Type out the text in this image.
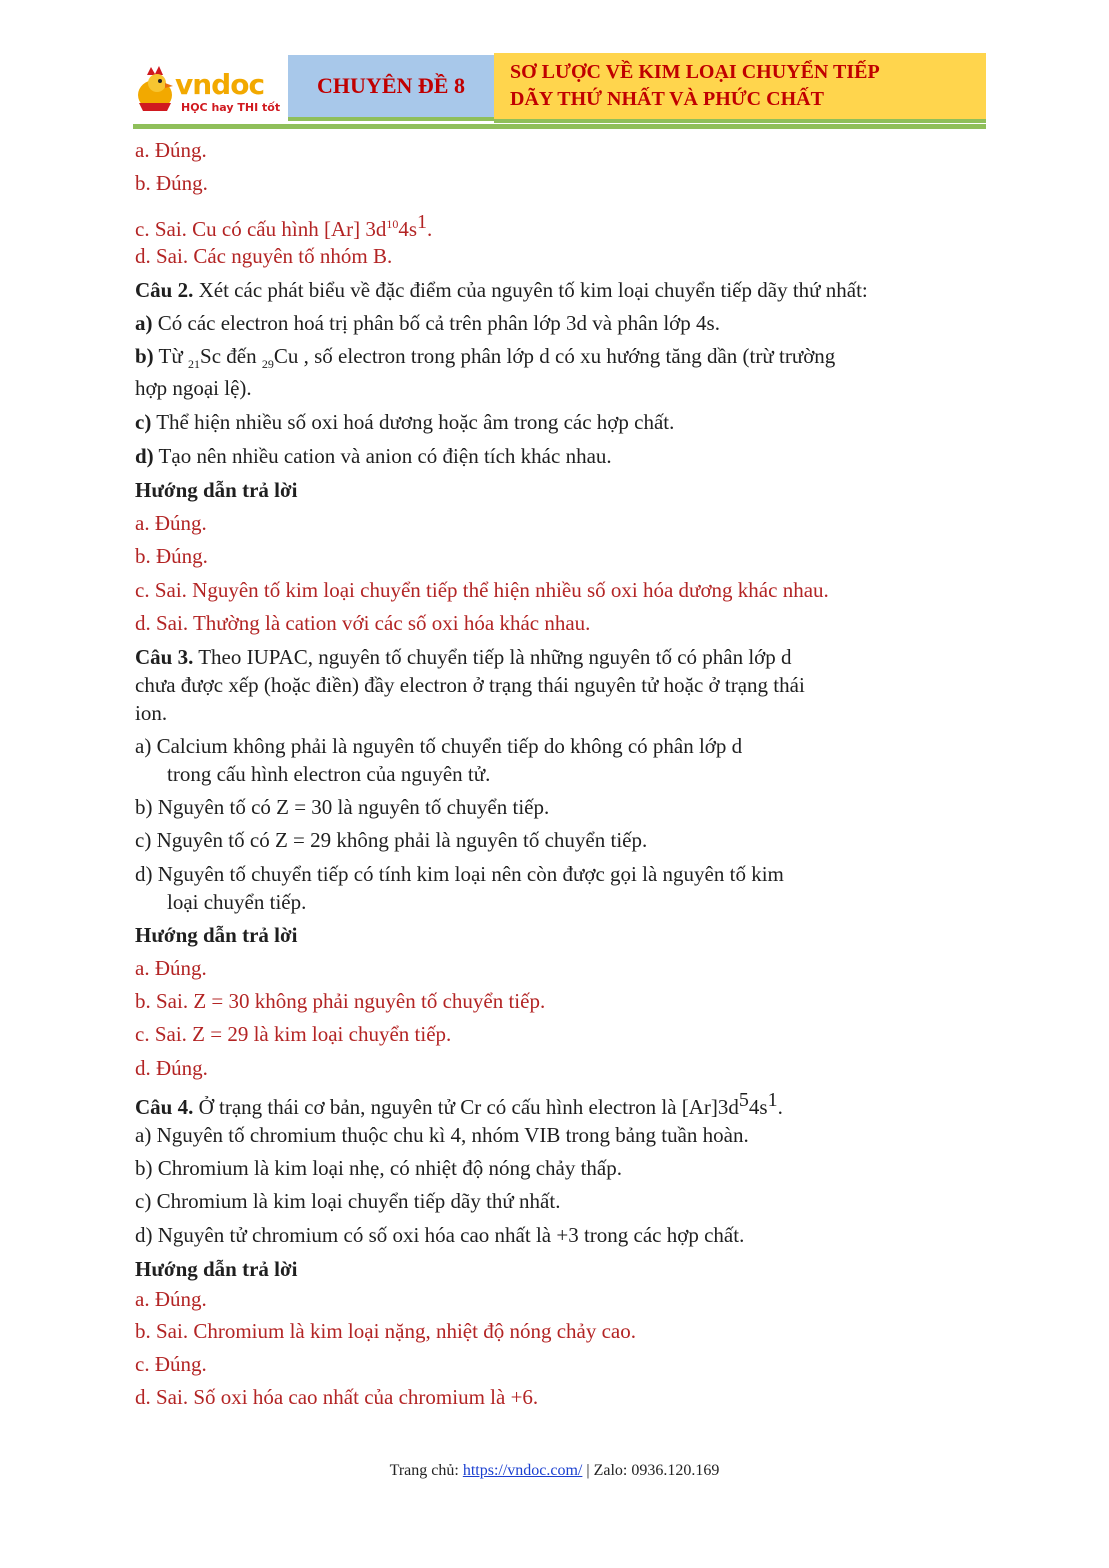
vndoc
HỌC hay THI tốt
CHUYÊN ĐỀ 8
SƠ LƯỢC VỀ KIM LOẠI CHUYỂN TIẾP
DÃY THỨ NHẤT VÀ PHỨC CHẤT
a. Đúng.
b. Đúng.
c. Sai. Cu có cấu hình [Ar] $3d^{10}4s^1$.
d. Sai. Các nguyên tố nhóm B.
Câu 2. Xét các phát biểu về đặc điểm của nguyên tố kim loại chuyển tiếp dãy thứ nhất:
a) Có các electron hoá trị phân bố cả trên phân lớp 3d và phân lớp 4s.
b) Từ $_{21}$Sc đến $_{29}$Cu , số electron trong phân lớp d có xu hướng tăng dần (trừ trường
hợp ngoại lệ).
c) Thể hiện nhiều số oxi hoá dương hoặc âm trong các hợp chất.
d) Tạo nên nhiều cation và anion có điện tích khác nhau.
Hướng dẫn trả lời
a. Đúng.
b. Đúng.
c. Sai. Nguyên tố kim loại chuyển tiếp thể hiện nhiều số oxi hóa dương khác nhau.
d. Sai. Thường là cation với các số oxi hóa khác nhau.
Câu 3. Theo IUPAC, nguyên tố chuyển tiếp là những nguyên tố có phân lớp d
chưa được xếp (hoặc điền) đầy electron ở trạng thái nguyên tử hoặc ở trạng thái
ion.
a) Calcium không phải là nguyên tố chuyển tiếp do không có phân lớp d
trong cấu hình electron của nguyên tử.
b) Nguyên tố có Z = 30 là nguyên tố chuyển tiếp.
c) Nguyên tố có Z = 29 không phải là nguyên tố chuyển tiếp.
d) Nguyên tố chuyển tiếp có tính kim loại nên còn được gọi là nguyên tố kim
loại chuyển tiếp.
Hướng dẫn trả lời
a. Đúng.
b. Sai. Z = 30 không phải nguyên tố chuyển tiếp.
c. Sai. Z = 29 là kim loại chuyển tiếp.
d. Đúng.
Câu 4. Ở trạng thái cơ bản, nguyên tử Cr có cấu hình electron là $[Ar]3d^54s^1$.
a) Nguyên tố chromium thuộc chu kì 4, nhóm VIB trong bảng tuần hoàn.
b) Chromium là kim loại nhẹ, có nhiệt độ nóng chảy thấp.
c) Chromium là kim loại chuyển tiếp dãy thứ nhất.
d) Nguyên tử chromium có số oxi hóa cao nhất là +3 trong các hợp chất.
Hướng dẫn trả lời
a. Đúng.
b. Sai. Chromium là kim loại nặng, nhiệt độ nóng chảy cao.
c. Đúng.
d. Sai. Số oxi hóa cao nhất của chromium là +6.
Trang chủ: https://vndoc.com/ | Zalo: 0936.120.169
